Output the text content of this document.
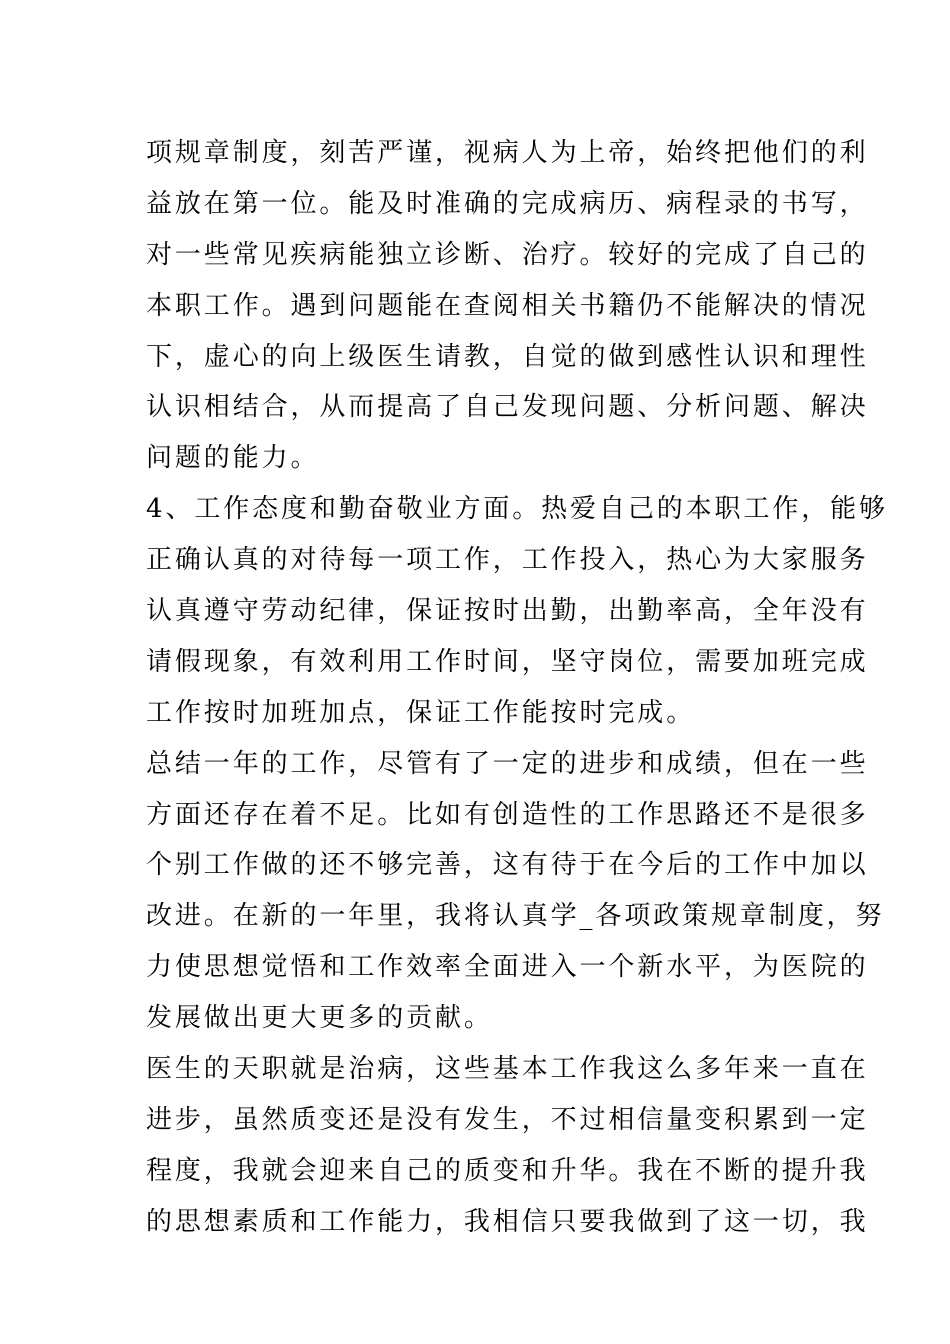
项规章制度，刻苦严谨，视病人为上帝，始终把他们的利
益放在第一位。能及时准确的完成病历、病程录的书写，
对一些常见疾病能独立诊断、治疗。较好的完成了自己的
本职工作。遇到问题能在查阅相关书籍仍不能解决的情况
下，虚心的向上级医生请教，自觉的做到感性认识和理性
认识相结合，从而提高了自己发现问题、分析问题、解决
问题的能力。
4、工作态度和勤奋敬业方面。热爱自己的本职工作，能够
正确认真的对待每一项工作，工作投入，热心为大家服务
认真遵守劳动纪律，保证按时出勤，出勤率高，全年没有
请假现象，有效利用工作时间，坚守岗位，需要加班完成
工作按时加班加点，保证工作能按时完成。
总结一年的工作，尽管有了一定的进步和成绩，但在一些
方面还存在着不足。比如有创造性的工作思路还不是很多
个别工作做的还不够完善，这有待于在今后的工作中加以
改进。在新的一年里，我将认真学_各项政策规章制度，努
力使思想觉悟和工作效率全面进入一个新水平，为医院的
发展做出更大更多的贡献。
医生的天职就是治病，这些基本工作我这么多年来一直在
进步，虽然质变还是没有发生，不过相信量变积累到一定
程度，我就会迎来自己的质变和升华。我在不断的提升我
的思想素质和工作能力，我相信只要我做到了这一切，我
